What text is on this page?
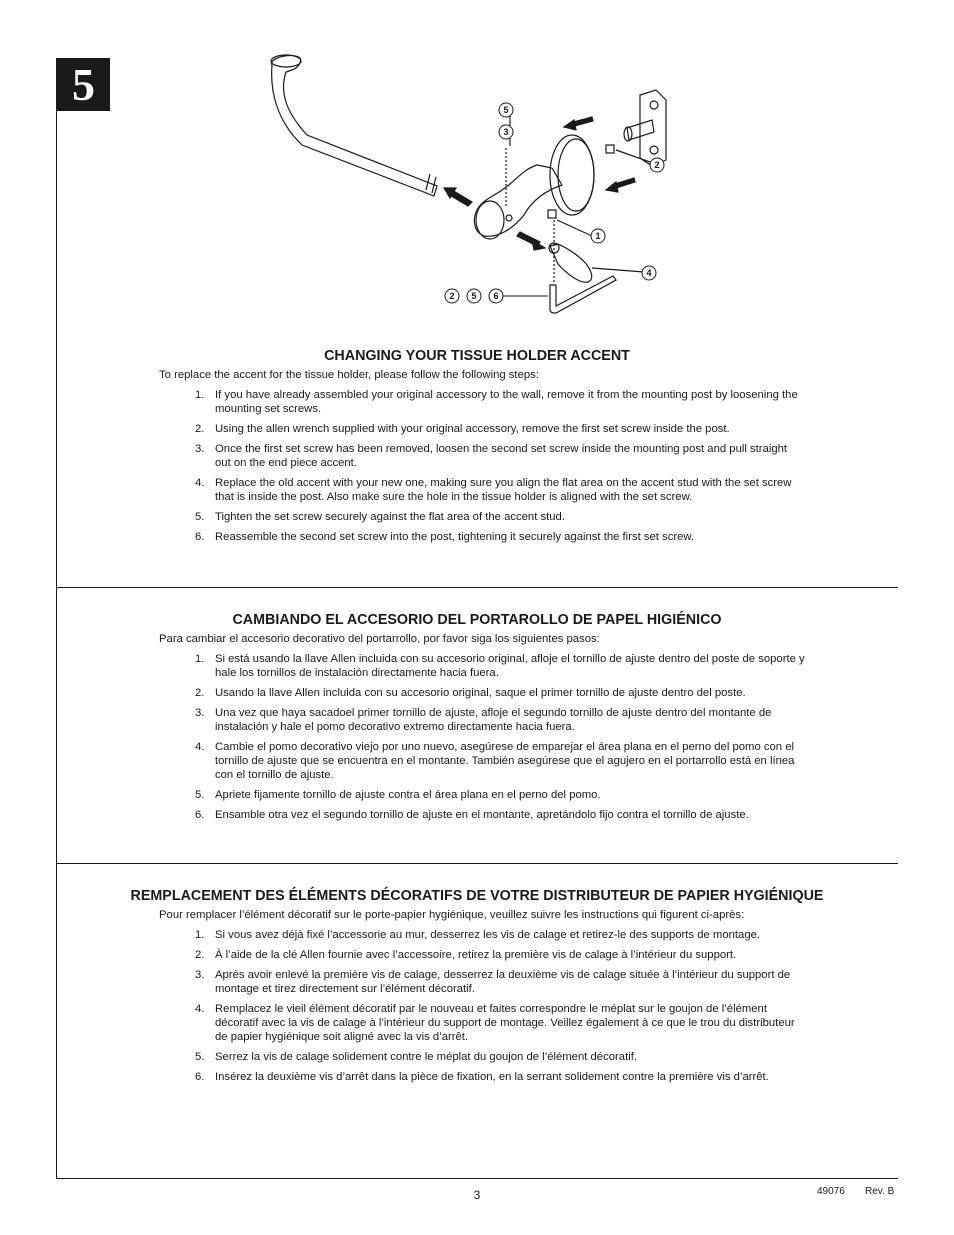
5	5
3
2
1
4
2 5 6
CHANGING YOUR TISSUE HOLDER ACCENT
To replace the accent for the tissue holder, please follow the following steps:
1. If you have already assembled your original accessory to the wall, remove it from the mounting post by loosening the mounting set screws.
2. Using the allen wrench supplied with your original accessory, remove the first set screw inside the post.
3. Once the first set screw has been removed, loosen the second set screw inside the mounting post and pull straight out on the end piece accent.
4. Replace the old accent with your new one, making sure you align the flat area on the accent stud with the set screw that is inside the post. Also make sure the hole in the tissue holder is aligned with the set screw.
5. Tighten the set screw securely against the flat area of the accent stud.
6. Reassemble the second set screw into the post, tightening it securely against the first set screw.
CAMBIANDO EL ACCESORIO DEL PORTAROLLO DE PAPEL HIGIÉNICO
Para cambiar el accesorio decorativo del portarrollo, por favor siga los siguientes pasos:
1. Si está usando la llave Allen incluida con su accesorio original, afloje el tornillo de ajuste dentro del poste de soporte y hale los tornillos de instalación directamente hacia fuera.
2. Usando la llave Allen incluida con su accesorio original, saque el primer tornillo de ajuste dentro del poste.
3. Una vez que haya sacadoel primer tornillo de ajuste, afloje el segundo tornillo de ajuste dentro del montante de instalación y hale el pomo decorativo extremo directamente hacia fuera.
4. Cambie el pomo decorativo viejo por uno nuevo, asegúrese de emparejar el área plana en el perno del pomo con el tornillo de ajuste que se encuentra en el montante. También asegúrese que el agujero en el portarrollo está en línea con el tornillo de ajuste.
5. Apriete fijamente tornillo de ajuste contra el área plana en el perno del pomo.
6. Ensamble otra vez el segundo tornillo de ajuste en el montante, apretándolo fijo contra el tornillo de ajuste.
REMPLACEMENT DES ÉLÉMENTS DÉCORATIFS DE VOTRE DISTRIBUTEUR DE PAPIER HYGIÉNIQUE
Pour remplacer l’élément décoratif sur le porte-papier hygiénique, veuillez suivre les instructions qui figurent ci-après:
1. Si vous avez déjà fixé l’accessorie au mur, desserrez les vis de calage et retirez-le des supports de montage.
2. À l’aide de la clé Allen fournie avec l’accessoire, retirez la première vis de calage à l’intérieur du support.
3. Après avoir enlevé la première vis de calage, desserrez la deuxième vis de calage située à l’intérieur du support de montage et tirez directement sur l’élément décoratif.
4. Remplacez le vieil élément décoratif par le nouveau et faites correspondre le méplat sur le goujon de l’élément décoratif avec la vis de calage à l’intérieur du support de montage. Veillez également à ce que le trou du distributeur de papier hygiénique soit aligné avec la vis d’arrêt.
5. Serrez la vis de calage solidement contre le méplat du goujon de l’élément décoratif.
6. Insérez la deuxième vis d’arrêt dans la pièce de fixation, en la serrant solidement contre la première vis d’arrêt.
3	49076 Rev. B
